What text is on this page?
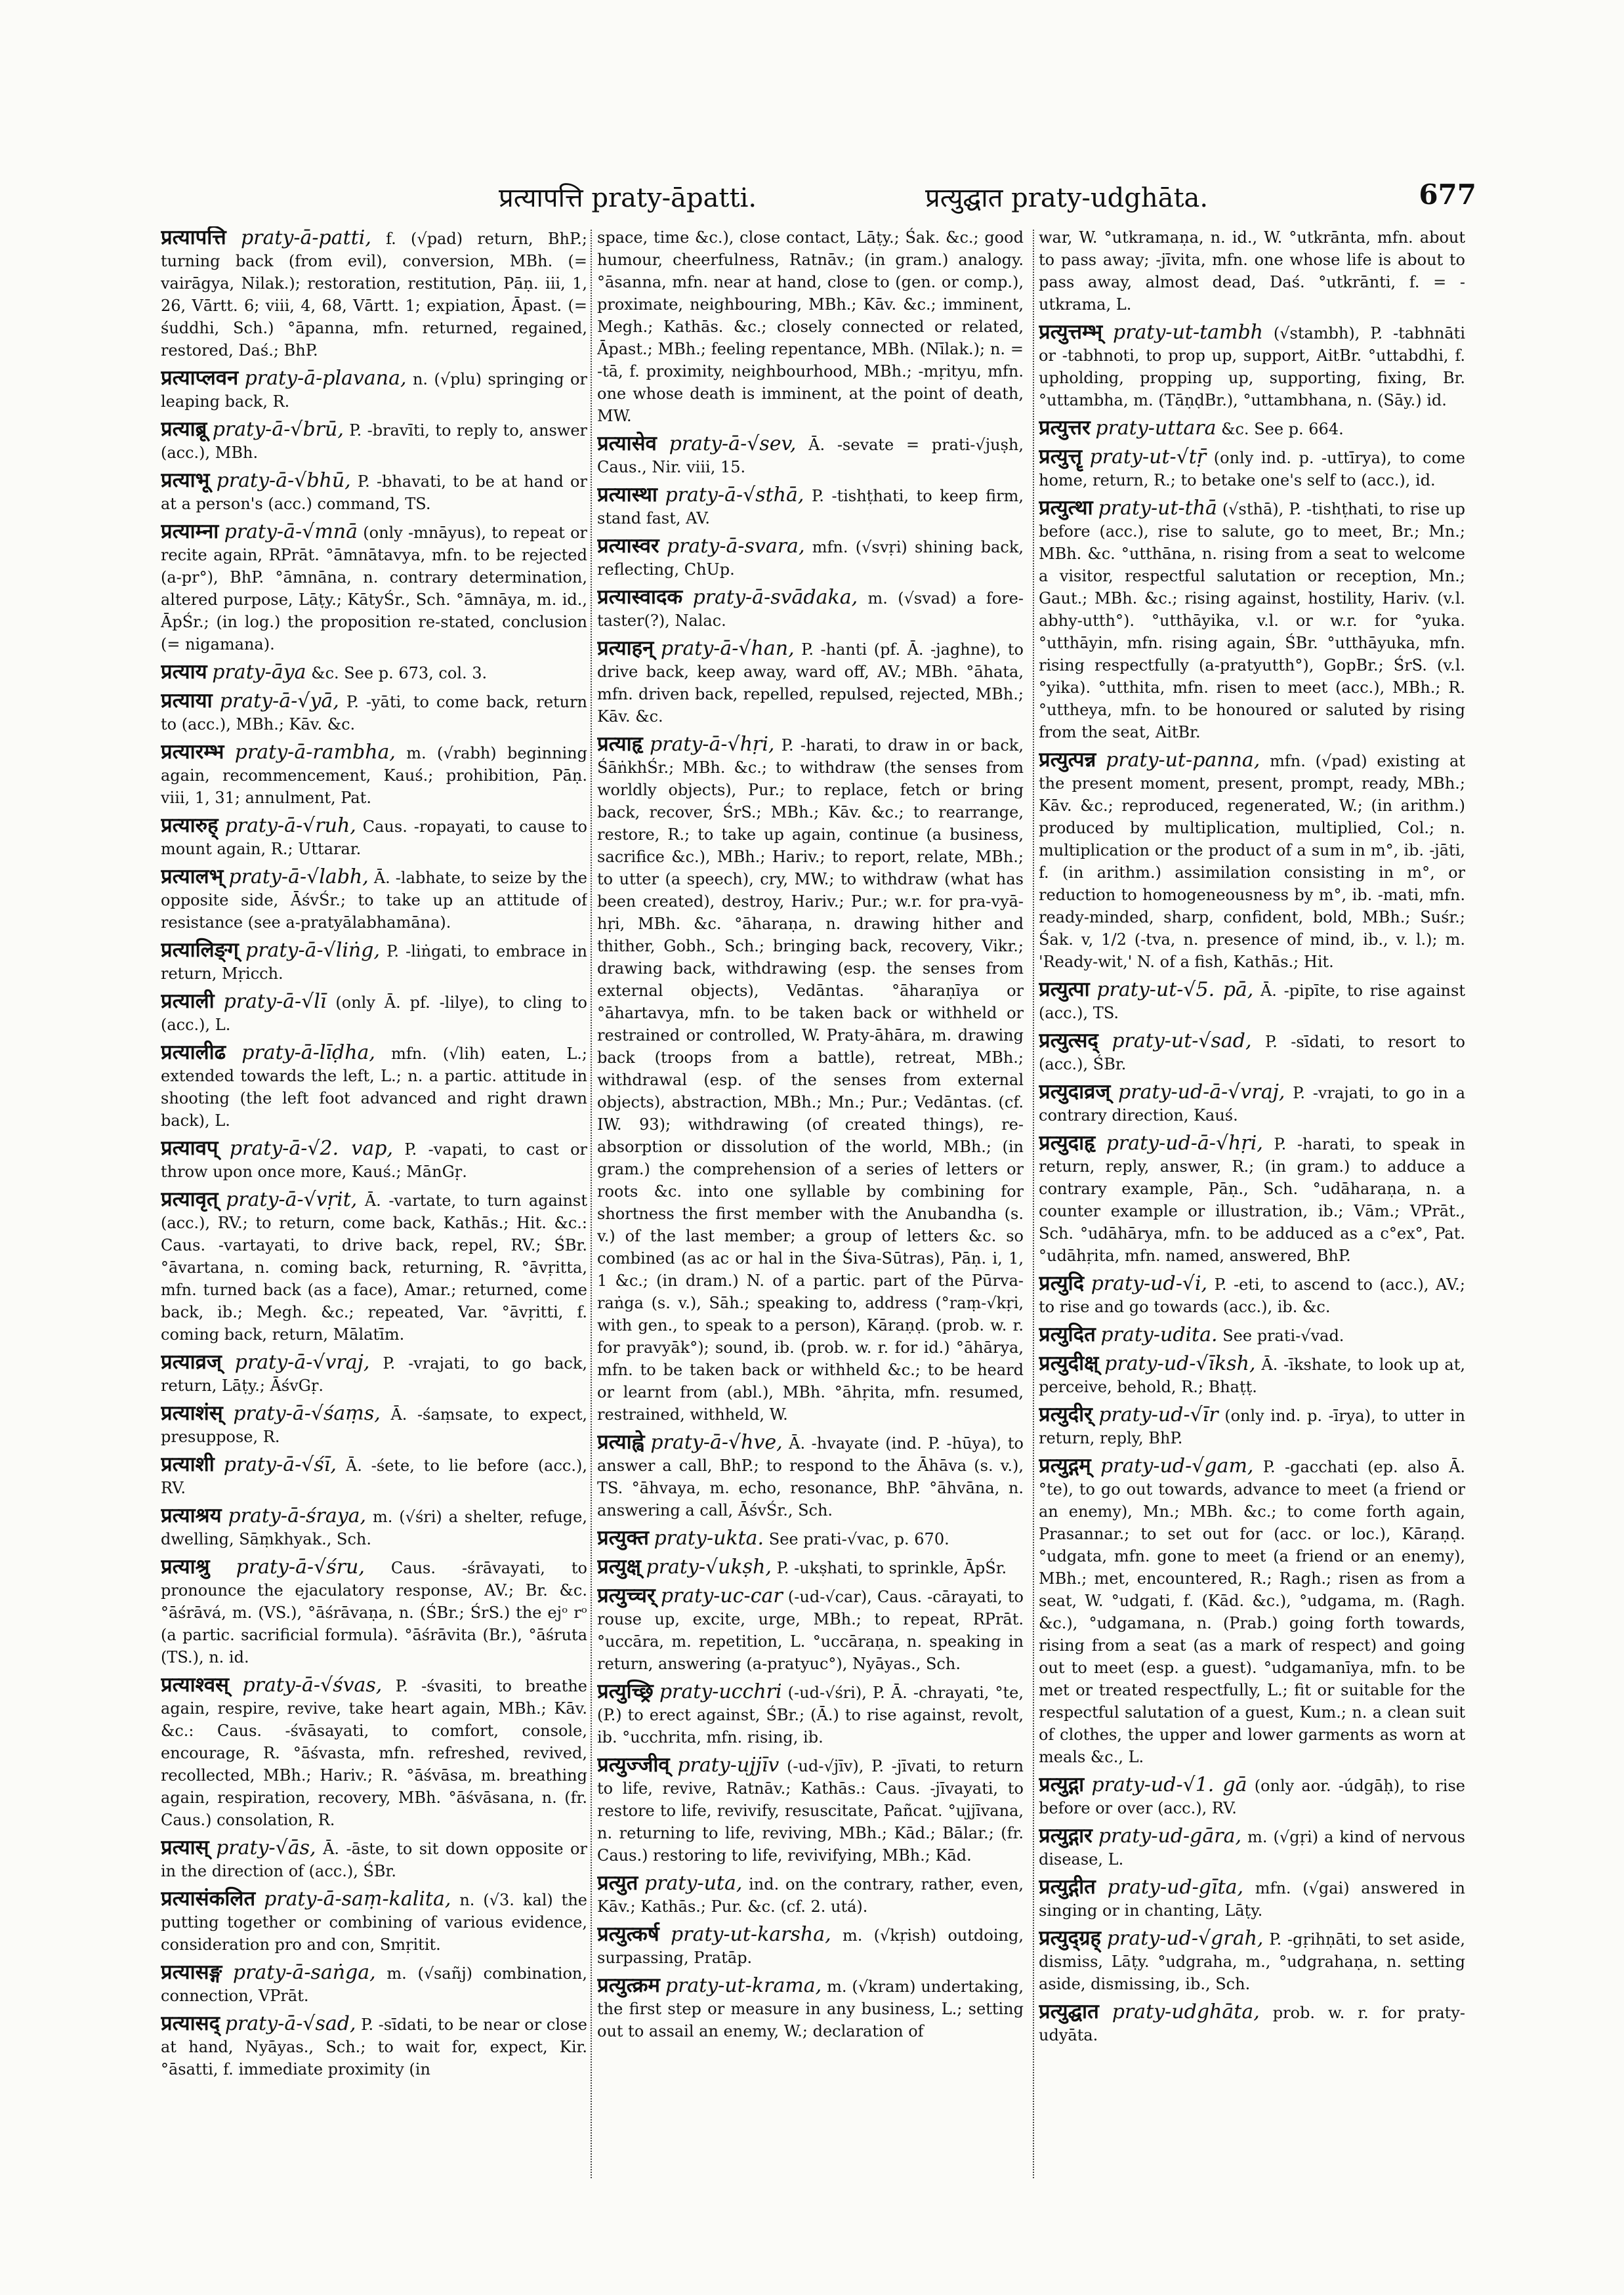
प्रत्यापत्ति praty-āpatti.	प्रत्युद्घात praty-udghāta.	677
प्रत्यापत्ति praty-ā-patti, f. (√pad) return, BhP.; turning back (from evil), conversion, MBh. (= vairāgya, Nilak.); restoration, restitution, Pāṇ. iii, 1, 26, Vārtt. 6; viii, 4, 68, Vārtt. 1; expiation, Āpast. (= śuddhi, Sch.) °āpanna, mfn. returned, regained, restored, Daś.; BhP.
प्रत्याप्लवन praty-ā-plavana, n. (√plu) springing or leaping back, R.
प्रत्याब्रू praty-ā-√brū, P. -bravīti, to reply to, answer (acc.), MBh.
प्रत्याभू praty-ā-√bhū, P. -bhavati, to be at hand or at a person's (acc.) command, TS.
प्रत्याम्ना praty-ā-√mnā (only -mnāyus), to repeat or recite again, RPrāt. °āmnātavya, mfn. to be rejected (a-pr°), BhP. °āmnāna, n. contrary determination, altered purpose, Lāṭy.; KātyŚr., Sch. °āmnāya, m. id., ĀpŚr.; (in log.) the proposition re-stated, conclusion (= nigamana).
प्रत्याय praty-āya &c. See p. 673, col. 3.
प्रत्याया praty-ā-√yā, P. -yāti, to come back, return to (acc.), MBh.; Kāv. &c.
प्रत्यारम्भ praty-ā-rambha, m. (√rabh) beginning again, recommencement, Kauś.; prohibition, Pāṇ. viii, 1, 31; annulment, Pat.
प्रत्यारुह् praty-ā-√ruh, Caus. -ropayati, to cause to mount again, R.; Uttarar.
प्रत्यालभ् praty-ā-√labh, Ā. -labhate, to seize by the opposite side, ĀśvŚr.; to take up an attitude of resistance (see a-pratyālabhamāna).
प्रत्यालिङ्ग् praty-ā-√liṅg, P. -liṅgati, to embrace in return, Mṛicch.
प्रत्याली praty-ā-√lī (only Ā. pf. -lilye), to cling to (acc.), L.
प्रत्यालीढ praty-ā-līḍha, mfn. (√lih) eaten, L.; extended towards the left, L.; n. a partic. attitude in shooting (the left foot advanced and right drawn back), L.
प्रत्यावप् praty-ā-√2. vap, P. -vapati, to cast or throw upon once more, Kauś.; MānGṛ.
प्रत्यावृत् praty-ā-√vṛit, Ā. -vartate, to turn against (acc.), RV.; to return, come back, Kathās.; Hit. &c.: Caus. -vartayati, to drive back, repel, RV.; ŚBr. °āvartana, n. coming back, returning, R. °āvṛitta, mfn. turned back (as a face), Amar.; returned, come back, ib.; Megh. &c.; repeated, Var. °āvṛitti, f. coming back, return, Mālatīm.
प्रत्याव्रज् praty-ā-√vraj, P. -vrajati, to go back, return, Lāṭy.; ĀśvGṛ.
प्रत्याशंस् praty-ā-√śaṃs, Ā. -śaṃsate, to expect, presuppose, R.
प्रत्याशी praty-ā-√śī, Ā. -śete, to lie before (acc.), RV.
प्रत्याश्रय praty-ā-śraya, m. (√śri) a shelter, refuge, dwelling, Sāṃkhyak., Sch.
प्रत्याश्रु praty-ā-√śru, Caus. -śrāvayati, to pronounce the ejaculatory response, AV.; Br. &c. °āśrāvá, m. (VS.), °āśrāvaṇa, n. (ŚBr.; ŚrS.) the ejᵒ rᵒ (a partic. sacrificial formula). °āśrāvita (Br.), °āśruta (TS.), n. id.
प्रत्याश्वस् praty-ā-√śvas, P. -śvasiti, to breathe again, respire, revive, take heart again, MBh.; Kāv. &c.: Caus. -śvāsayati, to comfort, console, encourage, R. °āśvasta, mfn. refreshed, revived, recollected, MBh.; Hariv.; R. °āśvāsa, m. breathing again, respiration, recovery, MBh. °āśvāsana, n. (fr. Caus.) consolation, R.
प्रत्यास् praty-√ās, Ā. -āste, to sit down opposite or in the direction of (acc.), ŚBr.
प्रत्यासंकलित praty-ā-saṃ-kalita, n. (√3. kal) the putting together or combining of various evidence, consideration pro and con, Smṛitit.
प्रत्यासङ्ग praty-ā-saṅga, m. (√sañj) combination, connection, VPrāt.
प्रत्यासद् praty-ā-√sad, P. -sīdati, to be near or close at hand, Nyāyas., Sch.; to wait for, expect, Kir. °āsatti, f. immediate proximity (in
space, time &c.), close contact, Lāṭy.; Śak. &c.; good humour, cheerfulness, Ratnāv.; (in gram.) analogy. °āsanna, mfn. near at hand, close to (gen. or comp.), proximate, neighbouring, MBh.; Kāv. &c.; imminent, Megh.; Kathās. &c.; closely connected or related, Āpast.; MBh.; feeling repentance, MBh. (Nīlak.); n. = -tā, f. proximity, neighbourhood, MBh.; -mṛityu, mfn. one whose death is imminent, at the point of death, MW.
प्रत्यासेव praty-ā-√sev, Ā. -sevate = prati-√juṣh, Caus., Nir. viii, 15.
प्रत्यास्था praty-ā-√sthā, P. -tishṭhati, to keep firm, stand fast, AV.
प्रत्यास्वर praty-ā-svara, mfn. (√svṛi) shining back, reflecting, ChUp.
प्रत्यास्वादक praty-ā-svādaka, m. (√svad) a fore-taster(?), Nalac.
प्रत्याहन् praty-ā-√han, P. -hanti (pf. Ā. -jaghne), to drive back, keep away, ward off, AV.; MBh. °āhata, mfn. driven back, repelled, repulsed, rejected, MBh.; Kāv. &c.
प्रत्याहृ praty-ā-√hṛi, P. -harati, to draw in or back, ŚāṅkhŚr.; MBh. &c.; to withdraw (the senses from worldly objects), Pur.; to replace, fetch or bring back, recover, ŚrS.; MBh.; Kāv. &c.; to rearrange, restore, R.; to take up again, continue (a business, sacrifice &c.), MBh.; Hariv.; to report, relate, MBh.; to utter (a speech), cry, MW.; to withdraw (what has been created), destroy, Hariv.; Pur.; w.r. for pra-vyā-hṛi, MBh. &c. °āharaṇa, n. drawing hither and thither, Gobh., Sch.; bringing back, recovery, Vikr.; drawing back, withdrawing (esp. the senses from external objects), Vedāntas. °āharaṇīya or °āhartavya, mfn. to be taken back or withheld or restrained or controlled, W. Praty-āhāra, m. drawing back (troops from a battle), retreat, MBh.; withdrawal (esp. of the senses from external objects), abstraction, MBh.; Mn.; Pur.; Vedāntas. (cf. IW. 93); withdrawing (of created things), re-absorption or dissolution of the world, MBh.; (in gram.) the comprehension of a series of letters or roots &c. into one syllable by combining for shortness the first member with the Anubandha (s. v.) of the last member; a group of letters &c. so combined (as ac or hal in the Śiva-Sūtras), Pāṇ. i, 1, 1 &c.; (in dram.) N. of a partic. part of the Pūrva-raṅga (s. v.), Sāh.; speaking to, address (°raṃ-√kṛi, with gen., to speak to a person), Kāraṇḍ. (prob. w. r. for pravyāk°); sound, ib. (prob. w. r. for id.) °āhārya, mfn. to be taken back or withheld &c.; to be heard or learnt from (abl.), MBh. °āhṛita, mfn. resumed, restrained, withheld, W.
प्रत्याह्वे praty-ā-√hve, Ā. -hvayate (ind. P. -hūya), to answer a call, BhP.; to respond to the Āhāva (s. v.), TS. °āhvaya, m. echo, resonance, BhP. °āhvāna, n. answering a call, ĀśvŚr., Sch.
प्रत्युक्त praty-ukta. See prati-√vac, p. 670.
प्रत्युक्ष् praty-√ukṣh, P. -ukṣhati, to sprinkle, ĀpŚr.
प्रत्युच्चर् praty-uc-car (-ud-√car), Caus. -cārayati, to rouse up, excite, urge, MBh.; to repeat, RPrāt. °uccāra, m. repetition, L. °uccāraṇa, n. speaking in return, answering (a-pratyuc°), Nyāyas., Sch.
प्रत्युच्छ्रि praty-ucchri (-ud-√śri), P. Ā. -chrayati, °te, (P.) to erect against, ŚBr.; (Ā.) to rise against, revolt, ib. °ucchrita, mfn. rising, ib.
प्रत्युज्जीव् praty-ujjīv (-ud-√jīv), P. -jīvati, to return to life, revive, Ratnāv.; Kathās.: Caus. -jīvayati, to restore to life, revivify, resuscitate, Pañcat. °ujjīvana, n. returning to life, reviving, MBh.; Kād.; Bālar.; (fr. Caus.) restoring to life, revivifying, MBh.; Kād.
प्रत्युत praty-uta, ind. on the contrary, rather, even, Kāv.; Kathās.; Pur. &c. (cf. 2. utá).
प्रत्युत्कर्ष praty-ut-karsha, m. (√kṛish) outdoing, surpassing, Pratāp.
प्रत्युत्क्रम praty-ut-krama, m. (√kram) undertaking, the first step or measure in any business, L.; setting out to assail an enemy, W.; declaration of
war, W. °utkramaṇa, n. id., W. °utkrānta, mfn. about to pass away; -jīvita, mfn. one whose life is about to pass away, almost dead, Daś. °utkrānti, f. = -utkrama, L.
प्रत्युत्तम्भ् praty-ut-tambh (√stambh), P. -tabhnāti or -tabhnoti, to prop up, support, AitBr. °uttabdhi, f. upholding, propping up, supporting, fixing, Br. °uttambha, m. (TāṇḍBr.), °uttambhana, n. (Sāy.) id.
प्रत्युत्तर praty-uttara &c. See p. 664.
प्रत्युत्तॄ praty-ut-√tṝ (only ind. p. -uttīrya), to come home, return, R.; to betake one's self to (acc.), id.
प्रत्युत्था praty-ut-thā (√sthā), P. -tishṭhati, to rise up before (acc.), rise to salute, go to meet, Br.; Mn.; MBh. &c. °utthāna, n. rising from a seat to welcome a visitor, respectful salutation or reception, Mn.; Gaut.; MBh. &c.; rising against, hostility, Hariv. (v.l. abhy-utth°). °utthāyika, v.l. or w.r. for °yuka. °utthāyin, mfn. rising again, ŚBr. °utthāyuka, mfn. rising respectfully (a-pratyutth°), GopBr.; ŚrS. (v.l. °yika). °utthita, mfn. risen to meet (acc.), MBh.; R. °uttheya, mfn. to be honoured or saluted by rising from the seat, AitBr.
प्रत्युत्पन्न praty-ut-panna, mfn. (√pad) existing at the present moment, present, prompt, ready, MBh.; Kāv. &c.; reproduced, regenerated, W.; (in arithm.) produced by multiplication, multiplied, Col.; n. multiplication or the product of a sum in m°, ib. -jāti, f. (in arithm.) assimilation consisting in m°, or reduction to homogeneousness by m°, ib. -mati, mfn. ready-minded, sharp, confident, bold, MBh.; Suśr.; Śak. v, 1/2 (-tva, n. presence of mind, ib., v. l.); m. 'Ready-wit,' N. of a fish, Kathās.; Hit.
प्रत्युत्पा praty-ut-√5. pā, Ā. -pipīte, to rise against (acc.), TS.
प्रत्युत्सद् praty-ut-√sad, P. -sīdati, to resort to (acc.), ŚBr.
प्रत्युदाव्रज् praty-ud-ā-√vraj, P. -vrajati, to go in a contrary direction, Kauś.
प्रत्युदाहृ praty-ud-ā-√hṛi, P. -harati, to speak in return, reply, answer, R.; (in gram.) to adduce a contrary example, Pāṇ., Sch. °udāharaṇa, n. a counter example or illustration, ib.; Vām.; VPrāt., Sch. °udāhārya, mfn. to be adduced as a c°ex°, Pat. °udāhṛita, mfn. named, answered, BhP.
प्रत्युदि praty-ud-√i, P. -eti, to ascend to (acc.), AV.; to rise and go towards (acc.), ib. &c.
प्रत्युदित praty-udita. See prati-√vad.
प्रत्युदीक्ष् praty-ud-√īksh, Ā. -īkshate, to look up at, perceive, behold, R.; Bhaṭṭ.
प्रत्युदीर् praty-ud-√īr (only ind. p. -īrya), to utter in return, reply, BhP.
प्रत्युद्गम् praty-ud-√gam, P. -gacchati (ep. also Ā. °te), to go out towards, advance to meet (a friend or an enemy), Mn.; MBh. &c.; to come forth again, Prasannar.; to set out for (acc. or loc.), Kāraṇḍ. °udgata, mfn. gone to meet (a friend or an enemy), MBh.; met, encountered, R.; Ragh.; risen as from a seat, W. °udgati, f. (Kād. &c.), °udgama, m. (Ragh. &c.), °udgamana, n. (Prab.) going forth towards, rising from a seat (as a mark of respect) and going out to meet (esp. a guest). °udgamanīya, mfn. to be met or treated respectfully, L.; fit or suitable for the respectful salutation of a guest, Kum.; n. a clean suit of clothes, the upper and lower garments as worn at meals &c., L.
प्रत्युद्गा praty-ud-√1. gā (only aor. -údgāḥ), to rise before or over (acc.), RV.
प्रत्युद्गार praty-ud-gāra, m. (√gṛi) a kind of nervous disease, L.
प्रत्युद्गीत praty-ud-gīta, mfn. (√gai) answered in singing or in chanting, Lāṭy.
प्रत्युद्ग्रह् praty-ud-√grah, P. -gṛihṇāti, to set aside, dismiss, Lāṭy. °udgraha, m., °udgrahaṇa, n. setting aside, dismissing, ib., Sch.
प्रत्युद्घात praty-udghāta, prob. w. r. for praty-udyāta.
